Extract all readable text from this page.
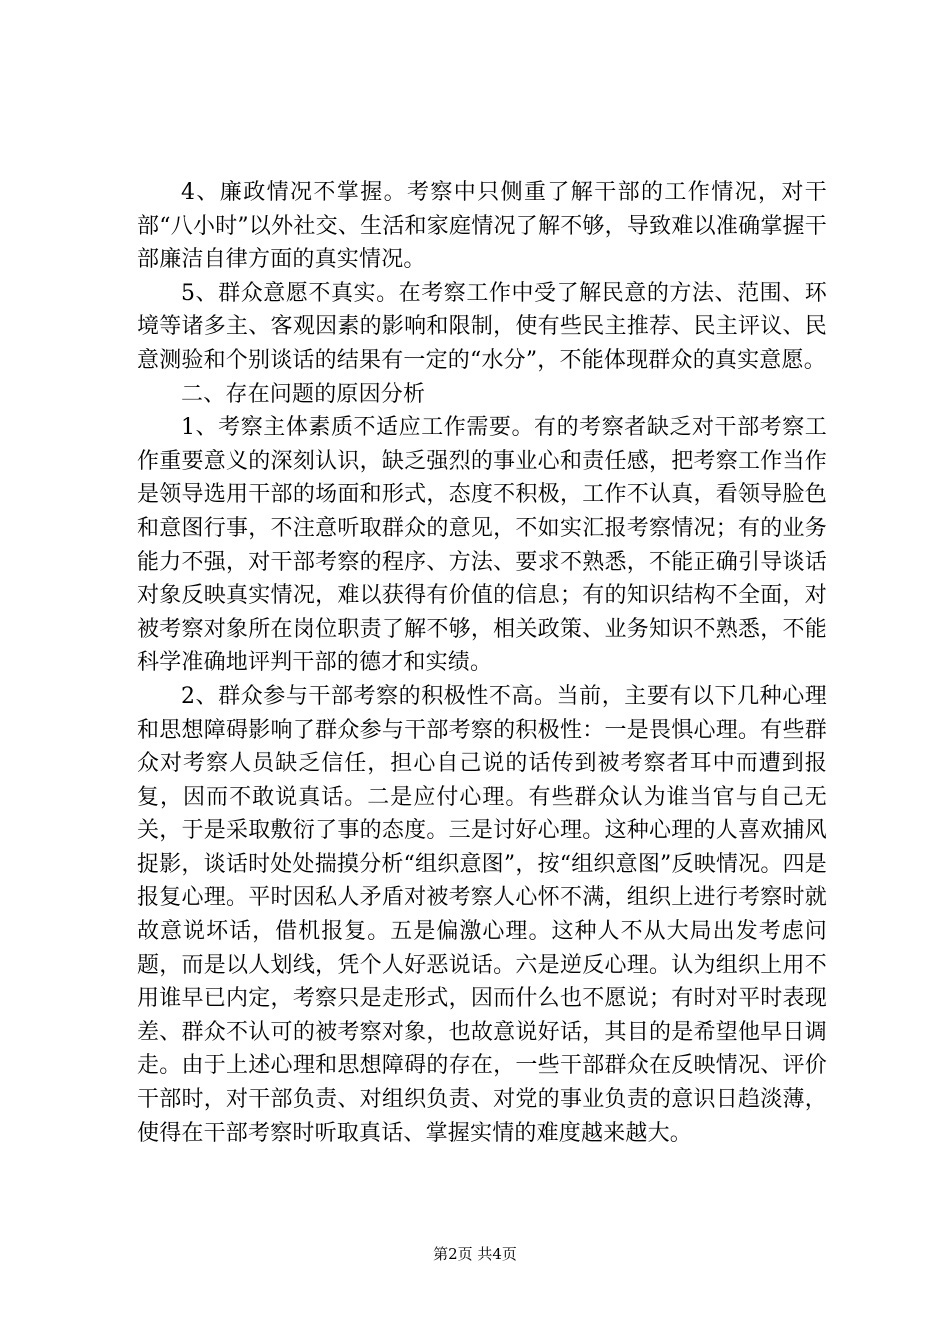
4、廉政情况不掌握。考察中只侧重了解干部的工作情况，对干部“八小时”以外社交、生活和家庭情况了解不够，导致难以准确掌握干部廉洁自律方面的真实情况。

5、群众意愿不真实。在考察工作中受了解民意的方法、范围、环境等诸多主、客观因素的影响和限制，使有些民主推荐、民主评议、民意测验和个别谈话的结果有一定的“水分”，不能体现群众的真实意愿。

二、存在问题的原因分析

1、考察主体素质不适应工作需要。有的考察者缺乏对干部考察工作重要意义的深刻认识，缺乏强烈的事业心和责任感，把考察工作当作是领导选用干部的场面和形式，态度不积极，工作不认真，看领导脸色和意图行事，不注意听取群众的意见，不如实汇报考察情况；有的业务能力不强，对干部考察的程序、方法、要求不熟悉，不能正确引导谈话对象反映真实情况，难以获得有价值的信息；有的知识结构不全面，对被考察对象所在岗位职责了解不够，相关政策、业务知识不熟悉，不能科学准确地评判干部的德才和实绩。

2、群众参与干部考察的积极性不高。当前，主要有以下几种心理和思想障碍影响了群众参与干部考察的积极性：一是畏惧心理。有些群众对考察人员缺乏信任，担心自己说的话传到被考察者耳中而遭到报复，因而不敢说真话。二是应付心理。有些群众认为谁当官与自己无关，于是采取敷衍了事的态度。三是讨好心理。这种心理的人喜欢捕风捉影，谈话时处处揣摸分析“组织意图”，按“组织意图”反映情况。四是报复心理。平时因私人矛盾对被考察人心怀不满，组织上进行考察时就故意说坏话，借机报复。五是偏激心理。这种人不从大局出发考虑问题，而是以人划线，凭个人好恶说话。六是逆反心理。认为组织上用不用谁早已内定，考察只是走形式，因而什么也不愿说；有时对平时表现差、群众不认可的被考察对象，也故意说好话，其目的是希望他早日调走。由于上述心理和思想障碍的存在，一些干部群众在反映情况、评价干部时，对干部负责、对组织负责、对党的事业负责的意识日趋淡薄，使得在干部考察时听取真话、掌握实情的难度越来越大。

第2页 共4页
